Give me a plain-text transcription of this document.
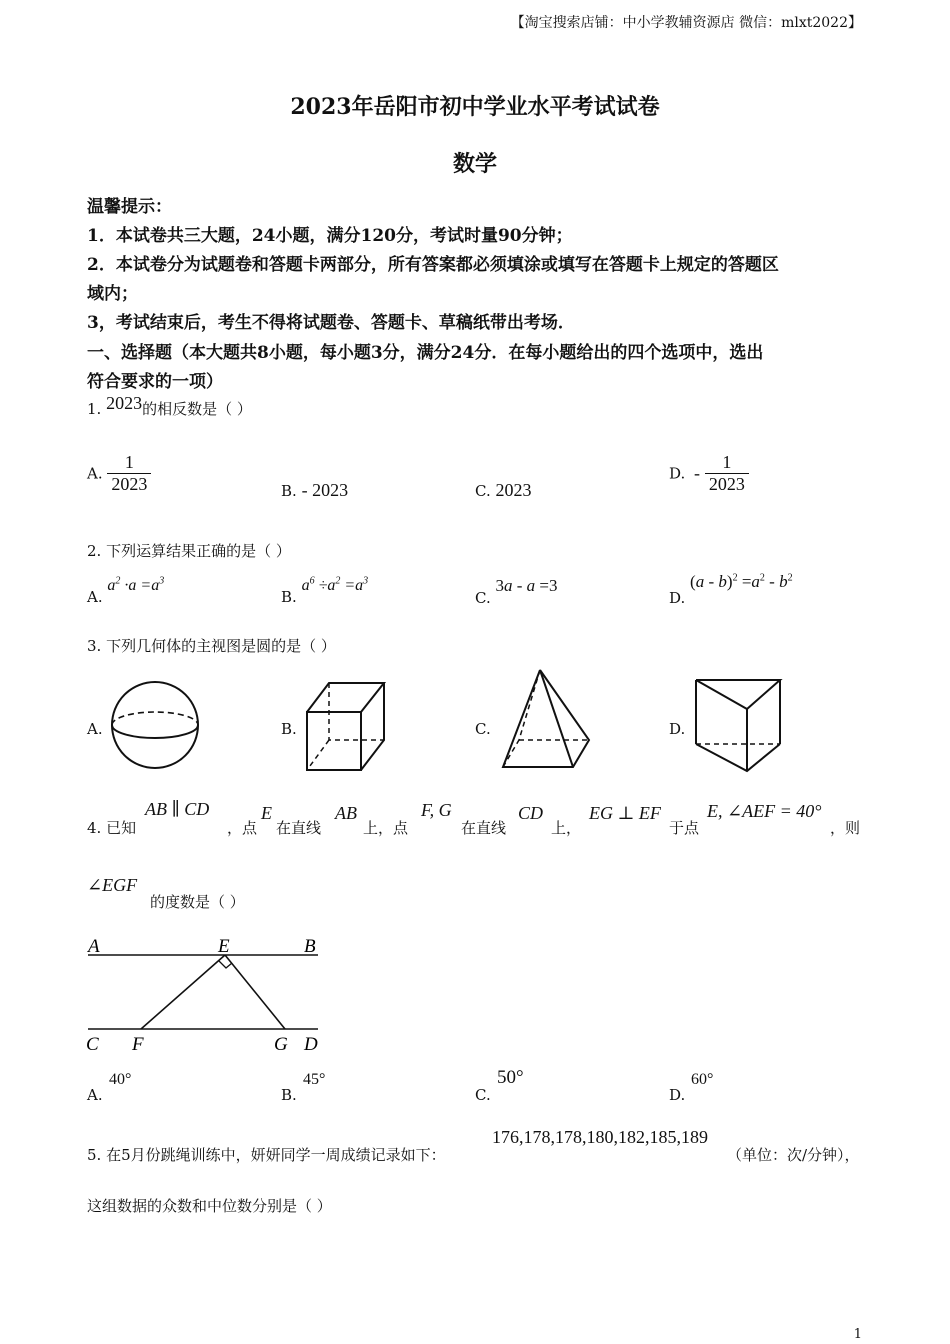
【淘宝搜索店铺：中小学教辅资源店 微信：mlxt2022】
2023年岳阳市初中学业水平考试试卷
数学
温馨提示：
1．本试卷共三大题，24小题，满分120分，考试时量90分钟；
2．本试卷分为试题卷和答题卡两部分，所有答案都必须填涂或填写在答题卡上规定的答题区
域内；
3，考试结束后，考生不得将试题卷、答题卡、草稿纸带出考场．
一、选择题（本大题共8小题，每小题3分，满分24分．在每小题给出的四个选项中，选出
符合要求的一项）
1. 2023的相反数是（ ）
A. $\frac{1}{2023}$	B. - 2023	C. 2023
D. - $\frac{1}{2023}$
2. 下列运算结果正确的是（ ）
A. $a^2 \cdot a =a^3$
B. $a^6 \div a^2 =a^3$
C. 3a - a =3
D. $(a - b)^2 =a^2 - b^2$
3. 下列几何体的主视图是圆的是（ ）
A.	B.	C.	D.
4. 已知
AB ∥ CD
，点
E
在直线
AB
上，点
F, G
在直线
CD
上，
EG ⊥ EF
于点
E, ∠AEF = 40°
，则
∠EGF
的度数是（ ）
A	E	B
C F	G D
A.
40°
B.
45°
C.
50°
D.
60°
5. 在5月份跳绳训练中，妍妍同学一周成绩记录如下：
176,178,178,180,182,185,189
（单位：次/分钟），
这组数据的众数和中位数分别是（ ）
1
